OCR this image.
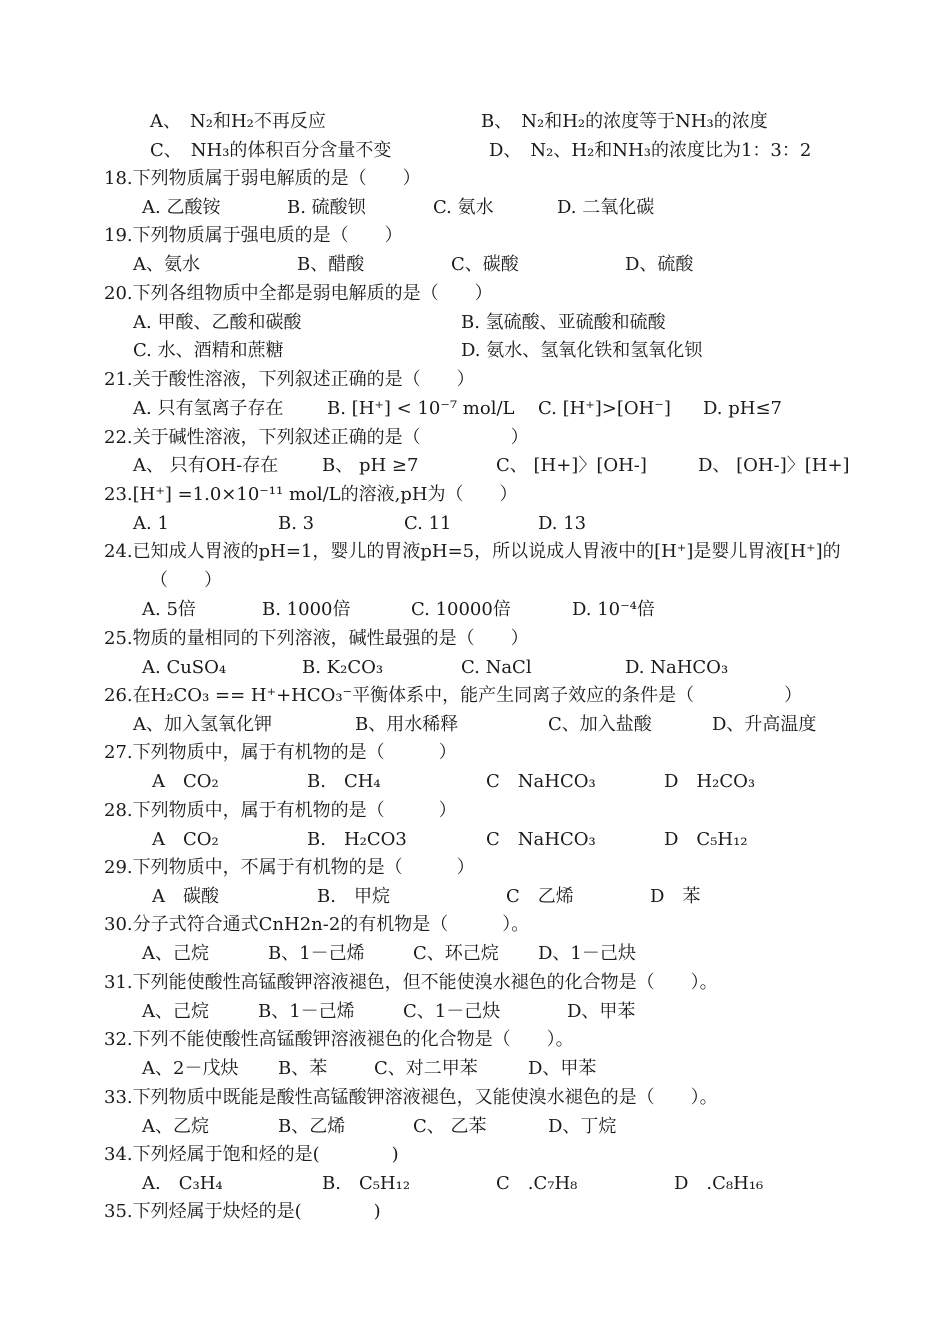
A、　N₂和H₂不再反应	B、　N₂和H₂的浓度等于NH₃的浓度
C、　NH₃的体积百分含量不变	D、　N₂、H₂和NH₃的浓度比为1：3：2
18.下列物质属于弱电解质的是（　　）
A. 乙酸铵	B. 硫酸钡	C. 氨水	D. 二氧化碳
19.下列物质属于强电质的是（　　）
A、氨水	B、醋酸	C、碳酸	D、硫酸
20.下列各组物质中全都是弱电解质的是（　　）
A. 甲酸、乙酸和碳酸	B. 氢硫酸、亚硫酸和硫酸
C. 水、酒精和蔗糖	D. 氨水、氢氧化铁和氢氧化钡
21.关于酸性溶液，下列叙述正确的是（　　）
A. 只有氢离子存在 B. [H⁺] < 10⁻⁷ mol/L C. [H⁺]>[OH⁻] D. pH≤7
22.关于碱性溶液，下列叙述正确的是（　　　　　）
A、 只有OH-存在 B、 pH ≥7	C、 [H+]〉[OH-]	D、 [OH-]〉[H+]
23.[H⁺] =1.0×10⁻¹¹ mol/L的溶液,pH为（　　）
A. 1	B. 3	C. 11	D. 13
24.已知成人胃液的pH=1，婴儿的胃液pH=5，所以说成人胃液中的[H⁺]是婴儿胃液[H⁺]的
（　　）
A. 5倍	B. 1000倍	C. 10000倍	D. 10⁻⁴倍
25.物质的量相同的下列溶液，碱性最强的是（　　）
A. CuSO₄	B. K₂CO₃	C. NaCl	D. NaHCO₃
26.在H₂CO₃ == H⁺+HCO₃⁻平衡体系中，能产生同离子效应的条件是（　　　　　）
A、加入氢氧化钾	B、用水稀释	C、加入盐酸	D、升高温度
27.下列物质中，属于有机物的是（　　　）
A　CO₂	B.　CH₄	C　NaHCO₃	D　H₂CO₃
28.下列物质中，属于有机物的是（　　　）
A　CO₂	B.　H₂CO3	C　NaHCO₃	D　C₅H₁₂
29.下列物质中，不属于有机物的是（　　　）
A　碳酸	B.　甲烷	C　乙烯	D　苯
30.分子式符合通式CnH2n-2的有机物是（　　　）。
A、己烷	B、1－己烯	C、环己烷 D、1－己炔
31.下列能使酸性高锰酸钾溶液褪色，但不能使溴水褪色的化合物是（　　）。
A、己烷	B、1－己烯	C、1－己炔	D、甲苯
32.下列不能使酸性高锰酸钾溶液褪色的化合物是（　　）。
A、2－戊炔 B、苯	C、对二甲苯	D、甲苯
33.下列物质中既能是酸性高锰酸钾溶液褪色，又能使溴水褪色的是（　　）。
A、乙烷	B、乙烯	C、 乙苯	D、丁烷
34.下列烃属于饱和烃的是(　　　　)
A.　C₃H₄	B.　C₅H₁₂	C　.C₇H₈	D　.C₈H₁₆
35.下列烃属于炔烃的是(　　　　)
